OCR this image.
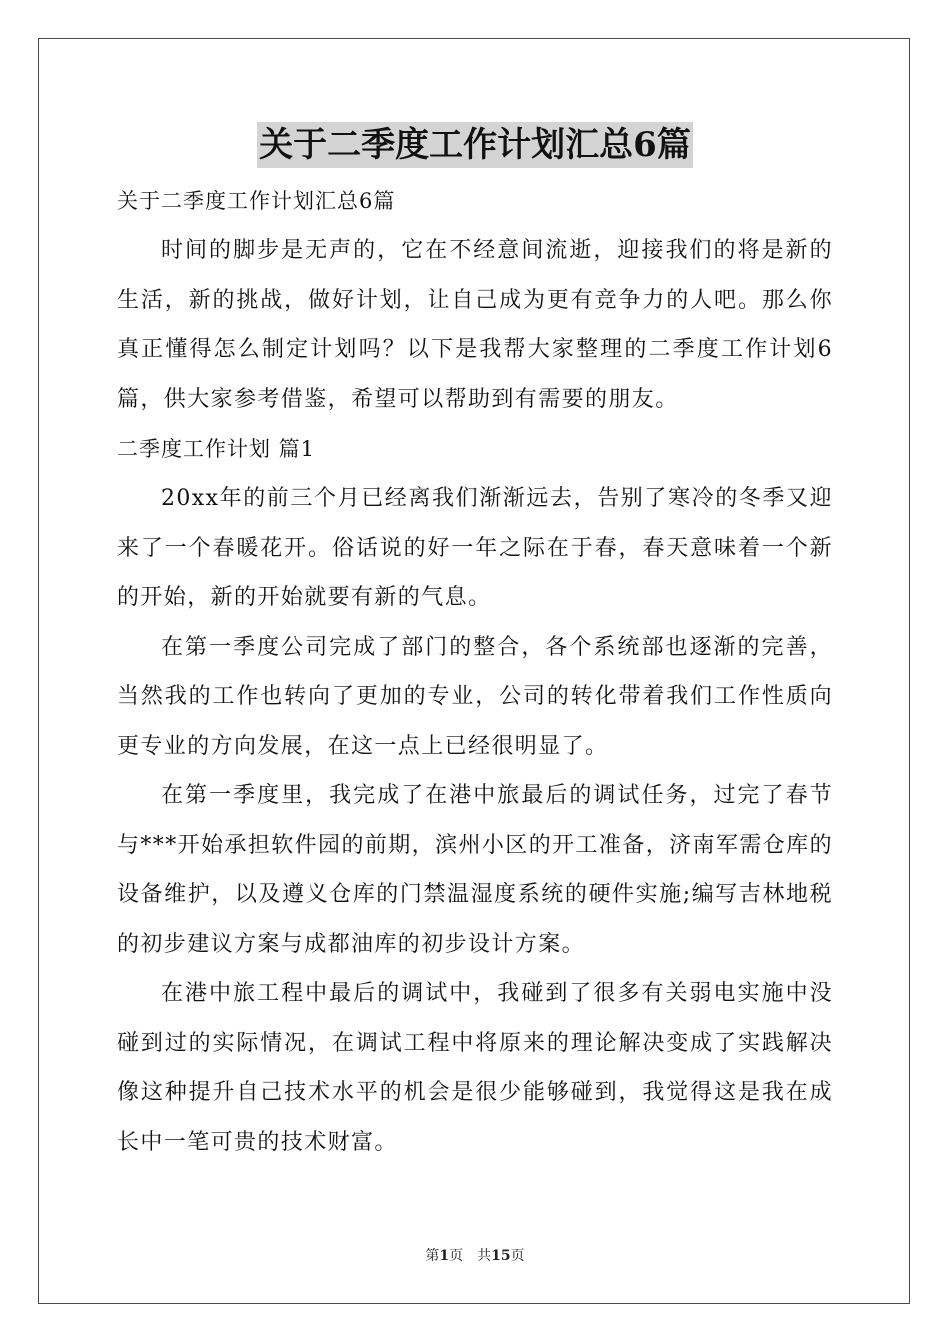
关于二季度工作计划汇总6篇

关于二季度工作计划汇总6篇

时间的脚步是无声的，它在不经意间流逝，迎接我们的将是新的生活，新的挑战，做好计划，让自己成为更有竞争力的人吧。那么你真正懂得怎么制定计划吗？以下是我帮大家整理的二季度工作计划6篇，供大家参考借鉴，希望可以帮助到有需要的朋友。

二季度工作计划 篇1

20xx年的前三个月已经离我们渐渐远去，告别了寒冷的冬季又迎来了一个春暖花开。俗话说的好一年之际在于春，春天意味着一个新的开始，新的开始就要有新的气息。

在第一季度公司完成了部门的整合，各个系统部也逐渐的完善，当然我的工作也转向了更加的专业，公司的转化带着我们工作性质向更专业的方向发展，在这一点上已经很明显了。

在第一季度里，我完成了在港中旅最后的调试任务，过完了春节与***开始承担软件园的前期，滨州小区的开工准备，济南军需仓库的设备维护，以及遵义仓库的门禁温湿度系统的硬件实施;编写吉林地税的初步建议方案与成都油库的初步设计方案。

在港中旅工程中最后的调试中，我碰到了很多有关弱电实施中没碰到过的实际情况，在调试工程中将原来的理论解决变成了实践解决像这种提升自己技术水平的机会是很少能够碰到，我觉得这是我在成长中一笔可贵的技术财富。

第1页 共15页
